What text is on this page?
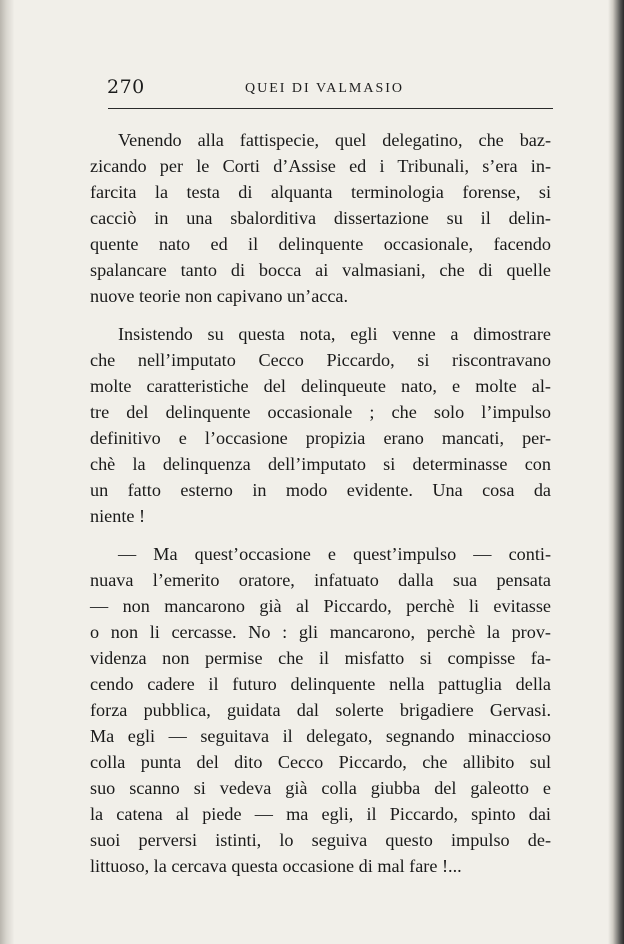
270	QUEI DI VALMASIO
Venendo alla fattispecie, quel delegatino, che baz-
zicando per le Corti d’Assise ed i Tribunali, s’era in-
farcita la testa di alquanta terminologia forense, si
cacciò in una sbalorditiva dissertazione su il delin-
quente nato ed il delinquente occasionale, facendo
spalancare tanto di bocca ai valmasiani, che di quelle
nuove teorie non capivano un’acca.
Insistendo su questa nota, egli venne a dimostrare
che nell’imputato Cecco Piccardo, si riscontravano
molte caratteristiche del delinqueute nato, e molte al-
tre del delinquente occasionale ; che solo l’impulso
definitivo e l’occasione propizia erano mancati, per-
chè la delinquenza dell’imputato si determinasse con
un fatto esterno in modo evidente. Una cosa da
niente !
— Ma quest’occasione e quest’impulso — conti-
nuava l’emerito oratore, infatuato dalla sua pensata
— non mancarono già al Piccardo, perchè li evitasse
o non li cercasse. No : gli mancarono, perchè la prov-
videnza non permise che il misfatto si compisse fa-
cendo cadere il futuro delinquente nella pattuglia della
forza pubblica, guidata dal solerte brigadiere Gervasi.
Ma egli — seguitava il delegato, segnando minaccioso
colla punta del dito Cecco Piccardo, che allibito sul
suo scanno si vedeva già colla giubba del galeotto e
la catena al piede — ma egli, il Piccardo, spinto dai
suoi perversi istinti, lo seguiva questo impulso de-
littuoso, la cercava questa occasione di mal fare !...
